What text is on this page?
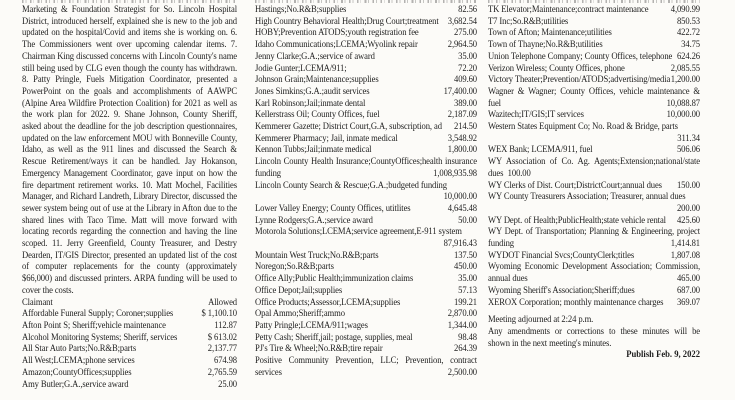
Marketing & Foundation Strategist for So. Lincoln Hospital District, introduced herself, explained she is new to the job and updated on the hospital/Covid and items she is working on. 6. The Commissioners went over upcoming calendar items. 7. Chairman King discussed concerns with Lincoln County's name still being used by CLG even though the county has withdrawn. 8. Patty Pringle, Fuels Mitigation Coordinator, presented a PowerPoint on the goals and accomplishments of AAWPC (Alpine Area Wildfire Protection Coalition) for 2021 as well as the work plan for 2022. 9. Shane Johnson, County Sheriff, asked about the deadline for the job description questionnaires, updated on the law enforcement MOU with Bonneville County, Idaho, as well as the 911 lines and discussed the Search & Rescue Retirement/ways it can be handled. Jay Hokanson, Emergency Management Coordinator, gave input on how the fire department retirement works. 10. Matt Mochel, Facilities Manager, and Richard Landreth, Library Director, discussed the sewer system being out of use at the Library in Afton due to the shared lines with Taco Time. Matt will move forward with locating records regarding the connection and having the line scoped. 11. Jerry Greenfield, County Treasurer, and Destry Dearden, IT/GIS Director, presented an updated list of the cost of computer replacements for the county (approximately $66,000) and discussed printers. ARPA funding will be used to cover the costs.

Claimant	Allowed
Affordable Funeral Supply; Coroner;supplies	$ 1,100.10
Afton Point S; Sheriff;vehicle maintenance	112.87
Alcohol Monitoring Systems; Sheriff, services	$ 613.02
All Star Auto Parts;No.R&B;parts	2,137.77
All West;LCEMA;phone services	674.98
Amazon;CountyOffices;supplies	2,765.59
Amy Butler;G.A.,service award	25.00
Hastings;No.R&B;supplies	82.56
High Country Behavioral Health;Drug Court;treatment 3,682.54
HOBY;Prevention ATODS;youth registration fee	275.00
Idaho Communications;LCEMA;Wyolink repair	2,964.50
Jenny Clarke;G.A.;service of award	35.00
Jodie Gunter;LCEMA/911;	72.20
Johnson Grain;Maintenance;supplies	409.60
Jones Simkins;G.A.;audit services	17,400.00
Karl Robinson;Jail;inmate dental	389.00
Kellerstrass Oil; County Offices, fuel	2,187.09
Kemmerer Gazette; District Court,G.A, subscription, ad 214.50
Kemmerer Pharmacy; Jail, inmate medical	3,548.92
Kennon Tubbs;Jail;inmate medical	1,800.00
Lincoln County Health Insurance;CountyOffices;health insurance funding	1,008,935.98
Lincoln County Search & Rescue;G.A.;budgeted funding
10,000.00
Lower Valley Energy; County Offices, utitlites	4,645.48
Lynne Rodgers;G.A.;service award	50.00
Motorola Solutions;LCEMA;service agreement,E-911 system
87,916.43
Mountain West Truck;No.R&B;parts	137.50
Noregon;So.R&B;parts	450.00
Office Ally;Public Health;immunization claims	35.00
Office Depot;Jail;supplies	57.13
Office Products;Assessor,LCEMA;supplies	199.21
Opal Ammo;Sheriff;ammo	2,870.00
Patty Pringle;LCEMA/911;wages	1,344.00
Petty Cash; Sheriff,jail; postage, supplies, meal	98.48
PJ's Tire & Wheel;No.R&B;tire repair	264.39
Positive Community Prevention, LLC; Prevention, contract services	2,500.00
TK Elevator;Maintenance;contract maintenance 4,090.99
T7 Inc;So.R&B;utilities	850.53
Town of Afton; Maintenance;utilities	422.72
Town of Thayne;No.R&B;utilities	34.75
Union Telephone Company; County Offices, telephone 624.26
Verizon Wireless; County Offices, phone	2,085.55
Victory Theater;Prevention/ATODS;advertising/media 1,200.00
Wagner & Wagner; County Offices, vehicle maintenance & fuel	10,088.87
Wazitech;IT/GIS;IT services	10,000.00
Western States Equipment Co; No. Road & Bridge, parts
311.34
WEX Bank; LCEMA/911, fuel	506.06
WY Association of Co. Ag. Agents;Extension;national/state dues 100.00
WY Clerks of Dist. Court;DistrictCourt;annual dues 150.00
WY County Treasurers Association; Treasurer, annual dues
200.00
WY Dept. of Health;PublicHealth;state vehicle rental 425.60
WY Dept. of Transportation; Planning & Engineering, project funding	1,414.81
WYDOT Financial Svcs;CountyClerk;titles	1,807.08
Wyoming Economic Development Association; Commission, annual dues	465.00
Wyoming Sheriff's Association;Sheriff;dues	687.00
XEROX Corporation; monthly maintenance charges 369.07

Meeting adjourned at 2:24 p.m.

Any amendments or corrections to these minutes will be shown in the next meeting's minutes.

Publish Feb. 9, 2022
